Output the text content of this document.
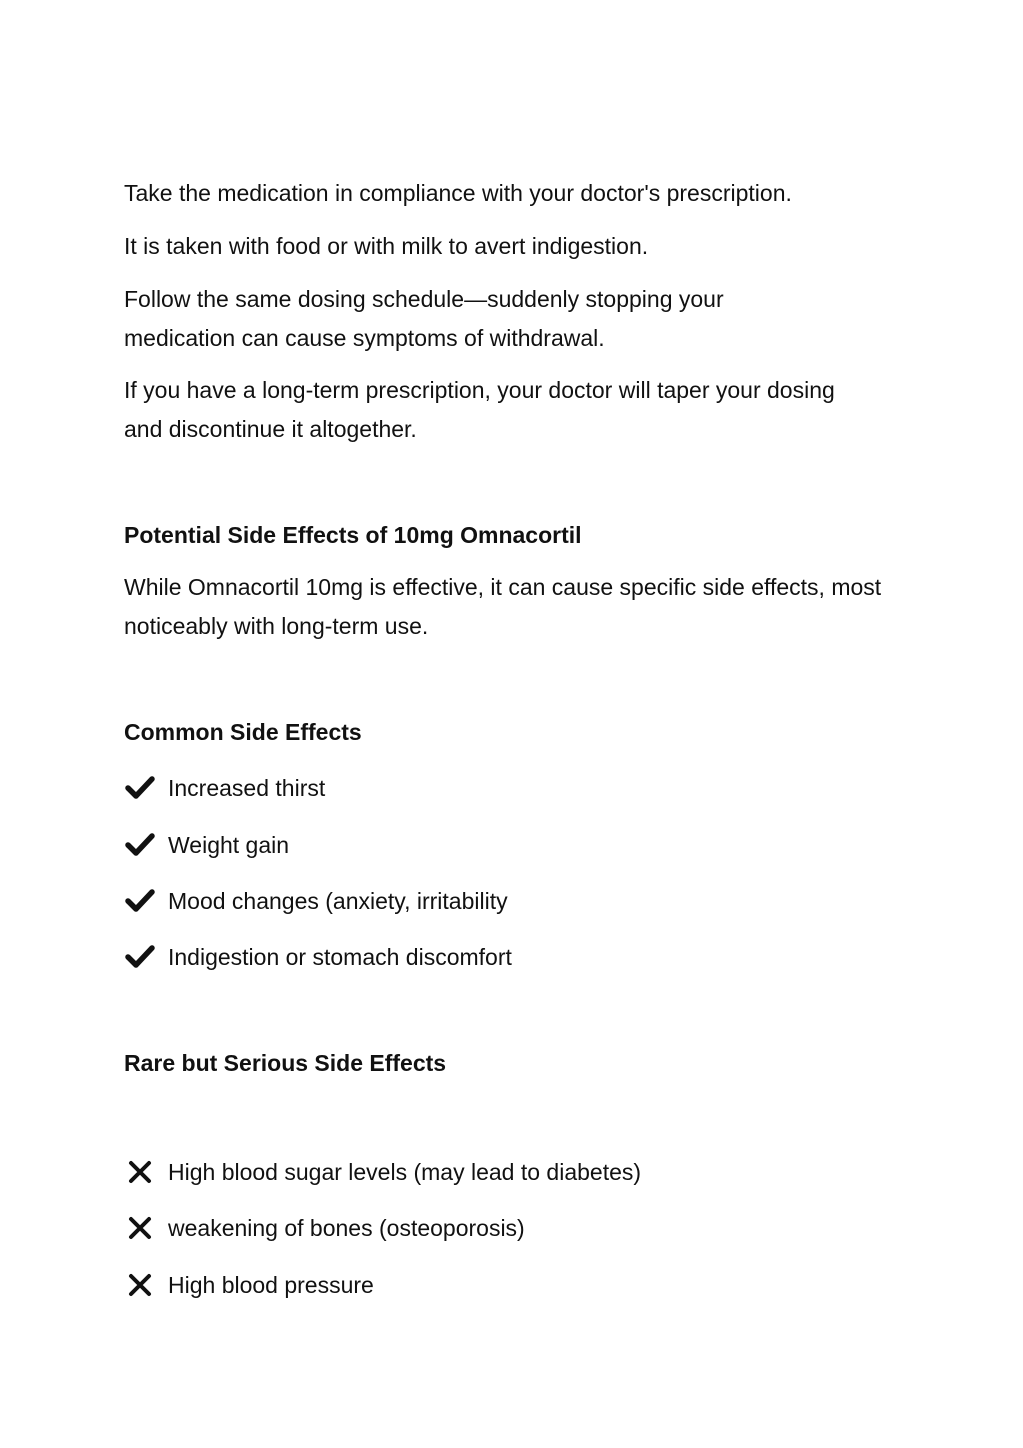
Take the medication in compliance with your doctor's prescription.

It is taken with food or with milk to avert indigestion.

Follow the same dosing schedule—suddenly stopping your medication can cause symptoms of withdrawal.

If you have a long-term prescription, your doctor will taper your dosing and discontinue it altogether.

Potential Side Effects of 10mg Omnacortil

While Omnacortil 10mg is effective, it can cause specific side effects, most noticeably with long-term use.

Common Side Effects
Increased thirst
Weight gain
Mood changes (anxiety, irritability
Indigestion or stomach discomfort
Rare but Serious Side Effects
High blood sugar levels (may lead to diabetes)
weakening of bones (osteoporosis)
High blood pressure
